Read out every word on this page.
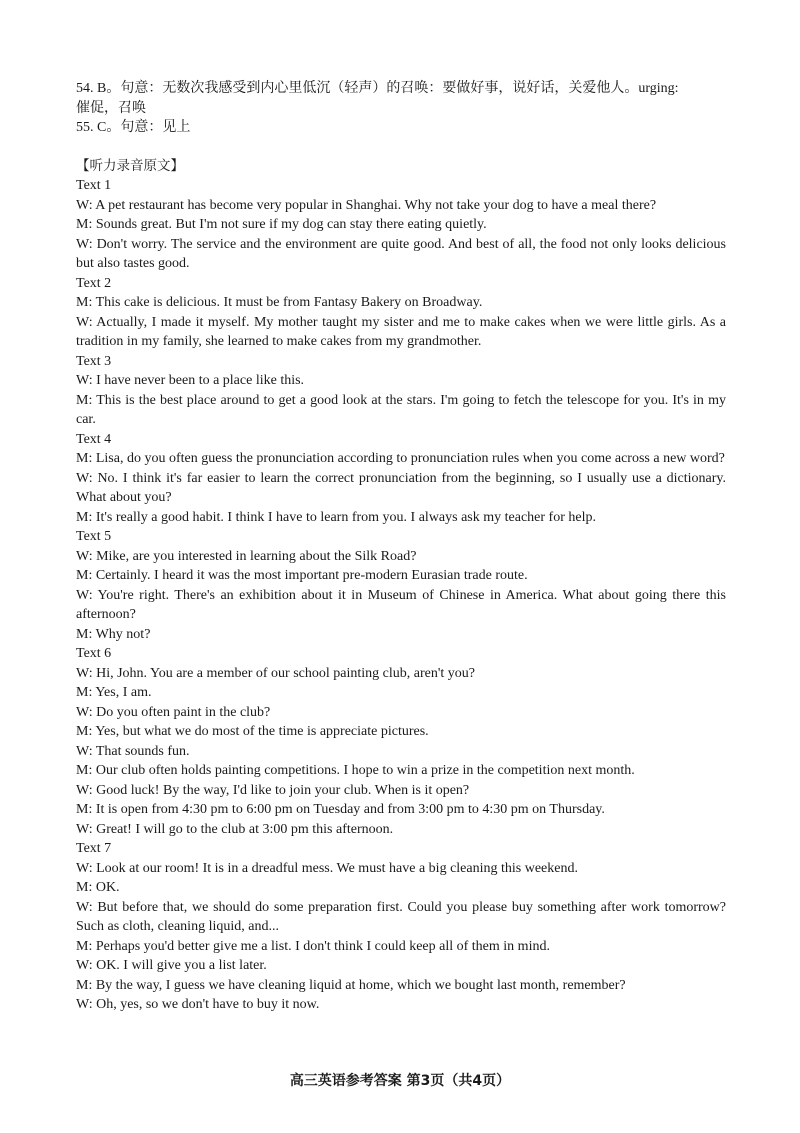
54. B。句意：无数次我感受到内心里低沉（轻声）的召唤：要做好事，说好话，关爱他人。urging:
催促，召唤
55. C。句意：见上
【听力录音原文】
Text 1
W: A pet restaurant has become very popular in Shanghai. Why not take your dog to have a meal there?
M: Sounds great. But I'm not sure if my dog can stay there eating quietly.
W: Don't worry. The service and the environment are quite good. And best of all, the food not only looks delicious but also tastes good.
Text 2
M: This cake is delicious. It must be from Fantasy Bakery on Broadway.
W: Actually, I made it myself. My mother taught my sister and me to make cakes when we were little girls. As a tradition in my family, she learned to make cakes from my grandmother.
Text 3
W: I have never been to a place like this.
M: This is the best place around to get a good look at the stars. I'm going to fetch the telescope for you. It's in my car.
Text 4
M: Lisa, do you often guess the pronunciation according to pronunciation rules when you come across a new word?
W: No. I think it's far easier to learn the correct pronunciation from the beginning, so I usually use a dictionary. What about you?
M: It's really a good habit. I think I have to learn from you. I always ask my teacher for help.
Text 5
W: Mike, are you interested in learning about the Silk Road?
M: Certainly. I heard it was the most important pre-modern Eurasian trade route.
W: You're right. There's an exhibition about it in Museum of Chinese in America. What about going there this afternoon?
M: Why not?
Text 6
W: Hi, John. You are a member of our school painting club, aren't you?
M: Yes, I am.
W: Do you often paint in the club?
M: Yes, but what we do most of the time is appreciate pictures.
W: That sounds fun.
M: Our club often holds painting competitions. I hope to win a prize in the competition next month.
W: Good luck! By the way, I'd like to join your club. When is it open?
M: It is open from 4:30 pm to 6:00 pm on Tuesday and from 3:00 pm to 4:30 pm on Thursday.
W: Great! I will go to the club at 3:00 pm this afternoon.
Text 7
W: Look at our room! It is in a dreadful mess. We must have a big cleaning this weekend.
M: OK.
W: But before that, we should do some preparation first. Could you please buy something after work tomorrow? Such as cloth, cleaning liquid, and...
M: Perhaps you'd better give me a list. I don't think I could keep all of them in mind.
W: OK. I will give you a list later.
M: By the way, I guess we have cleaning liquid at home, which we bought last month, remember?
W: Oh, yes, so we don't have to buy it now.
高三英语参考答案 第3页（共4页）
